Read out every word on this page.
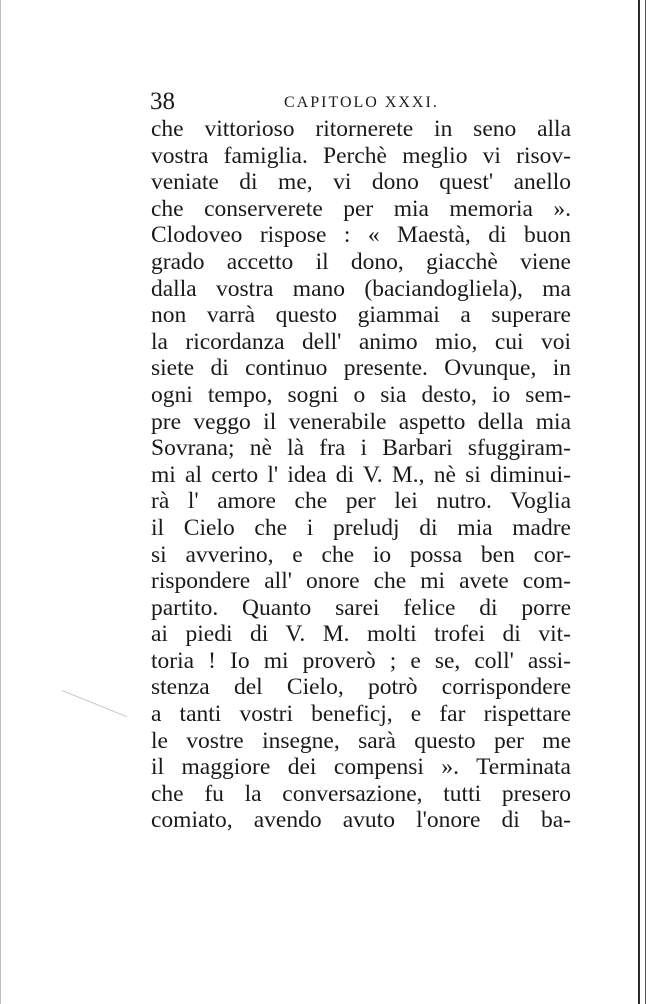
38	CAPITOLO XXXI.
che vittorioso ritornerete in seno alla
vostra famiglia. Perchè meglio vi risov-
veniate di me, vi dono quest' anello
che conserverete per mia memoria ».
Clodoveo rispose : « Maestà, di buon
grado accetto il dono, giacchè viene
dalla vostra mano (baciandogliela), ma
non varrà questo giammai a superare
la ricordanza dell' animo mio, cui voi
siete di continuo presente. Ovunque, in
ogni tempo, sogni o sia desto, io sem-
pre veggo il venerabile aspetto della mia
Sovrana; nè là fra i Barbari sfuggiram-
mi al certo l' idea di V. M., nè si diminui-
rà l' amore che per lei nutro. Voglia
il Cielo che i preludj di mia madre
si avverino, e che io possa ben cor-
rispondere all' onore che mi avete com-
partito. Quanto sarei felice di porre
ai piedi di V. M. molti trofei di vit-
toria ! Io mi proverò ; e se, coll' assi-
stenza del Cielo, potrò corrispondere
a tanti vostri beneficj, e far rispettare
le vostre insegne, sarà questo per me
il maggiore dei compensi ». Terminata
che fu la conversazione, tutti presero
comiato, avendo avuto l'onore di ba-
